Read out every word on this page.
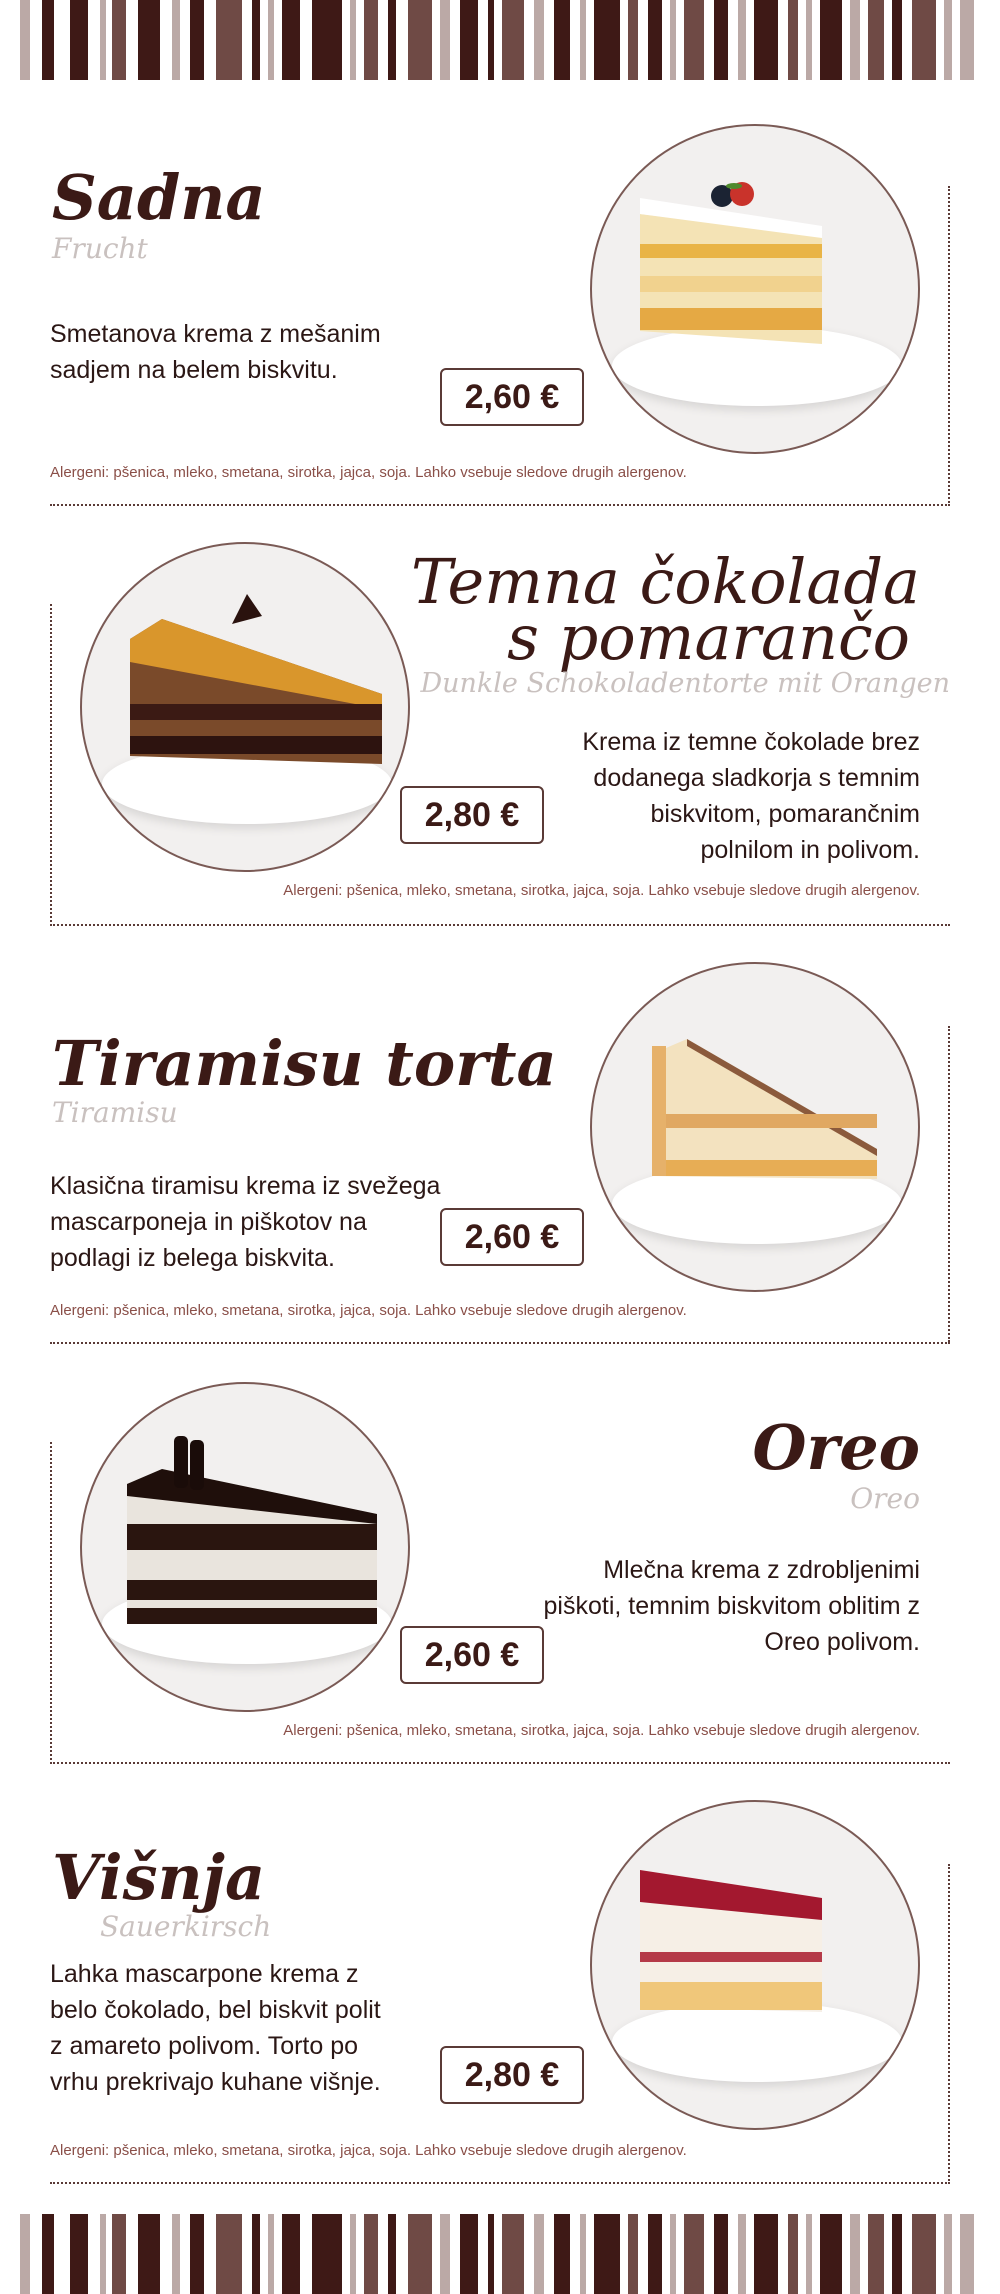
Sadna
Frucht
Smetanova krema z mešanim sadjem na belem biskvitu.
2,60 €
Alergeni: pšenica, mleko, smetana, sirotka, jajca, soja. Lahko vsebuje sledove drugih alergenov.
Temna čokolada
s pomarančo
Dunkle Schokoladentorte mit Orangen
Krema iz temne čokolade brez dodanega sladkorja s temnim biskvitom, pomarančnim polnilom in polivom.
2,80 €
Alergeni: pšenica, mleko, smetana, sirotka, jajca, soja. Lahko vsebuje sledove drugih alergenov.
Tiramisu torta
Tiramisu
Klasična tiramisu krema iz svežega mascarponeja in piškotov na podlagi iz belega biskvita.
2,60 €
Alergeni: pšenica, mleko, smetana, sirotka, jajca, soja. Lahko vsebuje sledove drugih alergenov.
Oreo
Oreo
Mlečna krema z zdrobljenimi piškoti, temnim biskvitom oblitim z Oreo polivom.
2,60 €
Alergeni: pšenica, mleko, smetana, sirotka, jajca, soja. Lahko vsebuje sledove drugih alergenov.
Višnja
Sauerkirsch
Lahka mascarpone krema z belo čokolado, bel biskvit polit z amareto polivom. Torto po vrhu prekrivajo kuhane višnje.	2,80 €
Alergeni: pšenica, mleko, smetana, sirotka, jajca, soja. Lahko vsebuje sledove drugih alergenov.
